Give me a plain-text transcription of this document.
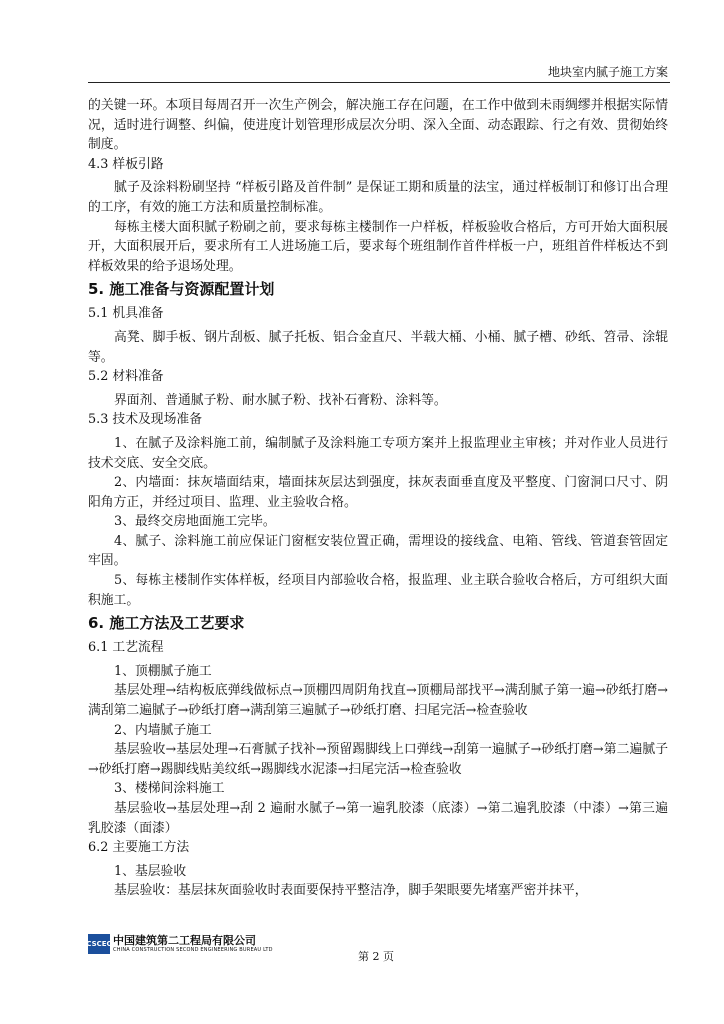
地块室内腻子施工方案

的关键一环。本项目每周召开一次生产例会，解决施工存在问题，在工作中做到未雨绸缪并根据实际情况，适时进行调整、纠偏，使进度计划管理形成层次分明、深入全面、动态跟踪、行之有效、贯彻始终制度。

4.3 样板引路

腻子及涂料粉刷坚持 “样板引路及首件制” 是保证工期和质量的法宝，通过样板制订和修订出合理的工序，有效的施工方法和质量控制标准。

每栋主楼大面积腻子粉刷之前，要求每栋主楼制作一户样板，样板验收合格后，方可开始大面积展开，大面积展开后，要求所有工人进场施工后，要求每个班组制作首件样板一户，班组首件样板达不到样板效果的给予退场处理。

5. 施工准备与资源配置计划

5.1 机具准备

高凳、脚手板、钢片刮板、腻子托板、铝合金直尺、半载大桶、小桶、腻子槽、砂纸、笤帚、涂辊等。

5.2 材料准备

界面剂、普通腻子粉、耐水腻子粉、找补石膏粉、涂料等。

5.3 技术及现场准备

1、在腻子及涂料施工前，编制腻子及涂料施工专项方案并上报监理业主审核；并对作业人员进行技术交底、安全交底。

2、内墙面：抹灰墙面结束，墙面抹灰层达到强度，抹灰表面垂直度及平整度、门窗洞口尺寸、阴阳角方正，并经过项目、监理、业主验收合格。

3、最终交房地面施工完毕。

4、腻子、涂料施工前应保证门窗框安装位置正确，需埋设的接线盒、电箱、管线、管道套管固定牢固。

5、每栋主楼制作实体样板，经项目内部验收合格，报监理、业主联合验收合格后，方可组织大面积施工。

6. 施工方法及工艺要求

6.1 工艺流程

1、顶棚腻子施工

基层处理→结构板底弹线做标点→顶棚四周阴角找直→顶棚局部找平→满刮腻子第一遍→砂纸打磨→满刮第二遍腻子→砂纸打磨→满刮第三遍腻子→砂纸打磨、扫尾完活→检查验收

2、内墙腻子施工

基层验收→基层处理→石膏腻子找补→预留踢脚线上口弹线→刮第一遍腻子→砂纸打磨→第二遍腻子→砂纸打磨→踢脚线贴美纹纸→踢脚线水泥漆→扫尾完活→检查验收

3、楼梯间涂料施工

基层验收→基层处理→刮 2 遍耐水腻子→第一遍乳胶漆（底漆）→第二遍乳胶漆（中漆）→第三遍乳胶漆（面漆）

6.2 主要施工方法

1、基层验收

基层验收：基层抹灰面验收时表面要保持平整洁净，脚手架眼要先堵塞严密并抹平，

CSCEC 中国建筑第二工程局有限公司
CHINA CONSTRUCTION SECOND ENGINEERING BUREAU LTD
第 2 页
